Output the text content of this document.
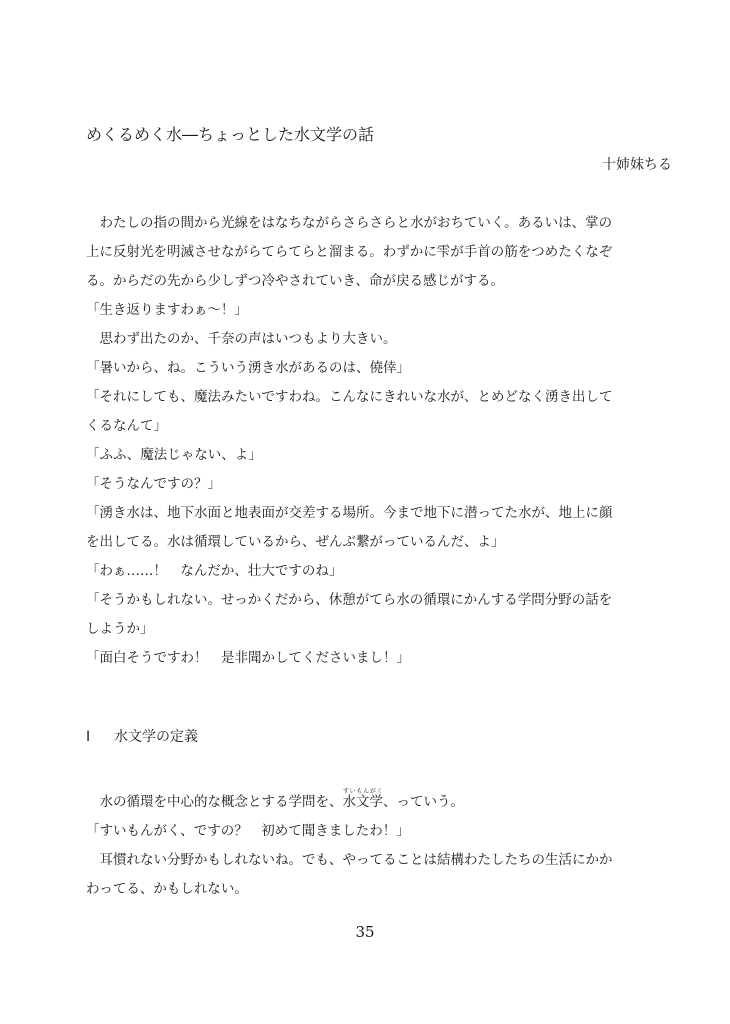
めくるめく水―ちょっとした水文学の話
十姉妹ちる

　わたしの指の間から光線をはなちながらさらさらと水がおちていく。あるいは、掌の

上に反射光を明滅させながらてらてらと溜まる。わずかに雫が手首の筋をつめたくなぞ

る。からだの先から少しずつ冷やされていき、命が戻る感じがする。

「生き返りますわぁ～！」

　思わず出たのか、千奈の声はいつもより大きい。

「暑いから、ね。こういう湧き水があるのは、僥倖」

「それにしても、魔法みたいですわね。こんなにきれいな水が、とめどなく湧き出して

くるなんて」

「ふふ、魔法じゃない、よ」

「そうなんですの？」

「湧き水は、地下水面と地表面が交差する場所。今まで地下に潜ってた水が、地上に顔

を出してる。水は循環しているから、ぜんぶ繋がっているんだ、よ」

「わぁ……！　なんだか、壮大ですのね」

「そうかもしれない。せっかくだから、休憩がてら水の循環にかんする学問分野の話を

しようか」

「面白そうですわ！　是非聞かしてくださいまし！」

Ⅰ 水文学の定義

　水の循環を中心的な概念とする学問を、水文学すいもんがく、っていう。

「すいもんがく、ですの？　初めて聞きましたわ！」

　耳慣れない分野かもしれないね。でも、やってることは結構わたしたちの生活にかか

わってる、かもしれない。

35
